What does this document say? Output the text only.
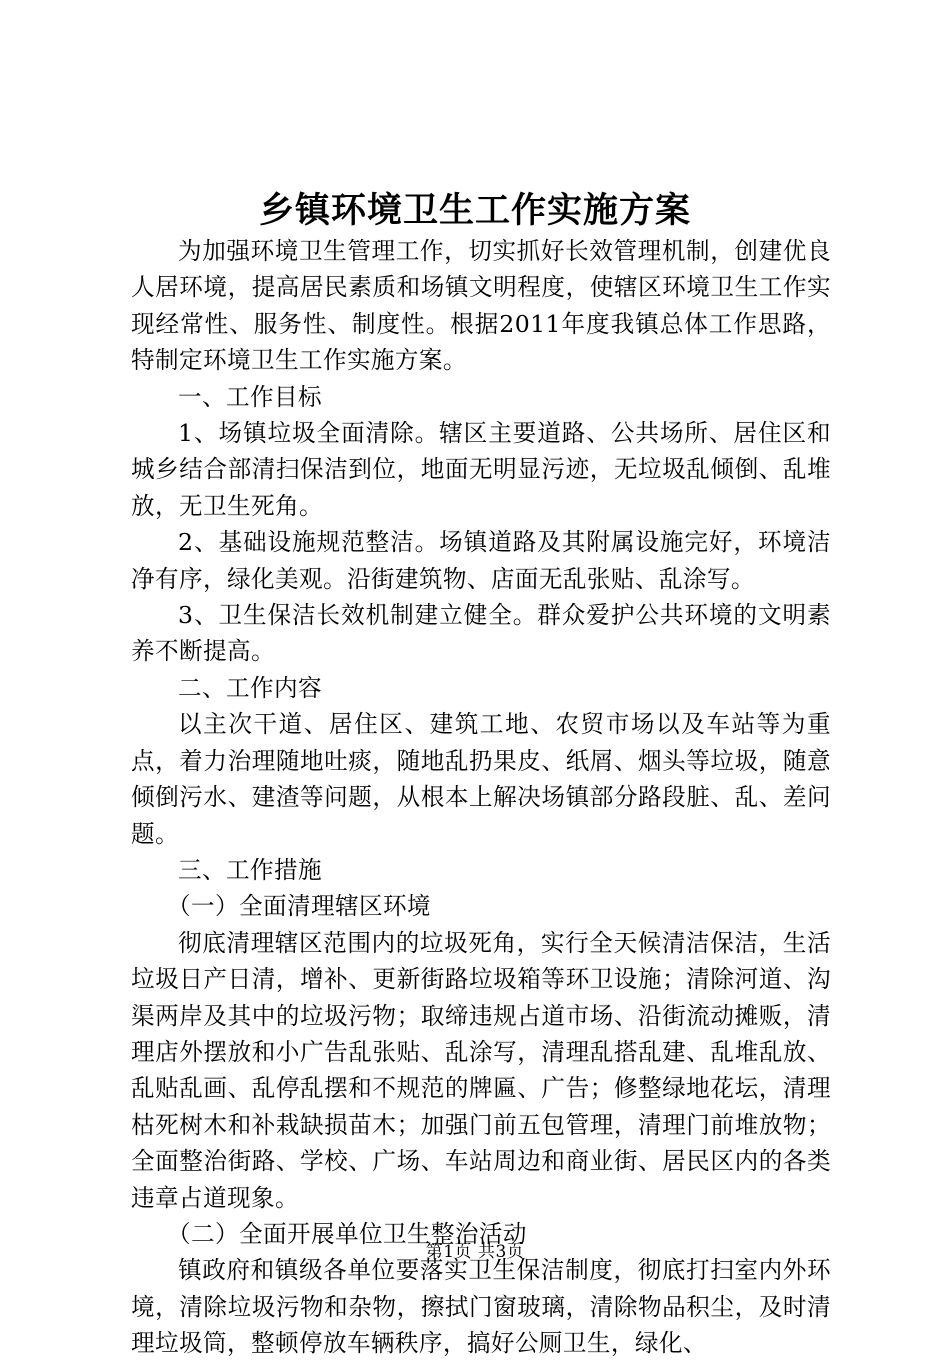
乡镇环境卫生工作实施方案

为加强环境卫生管理工作，切实抓好长效管理机制，创建优良人居环境，提高居民素质和场镇文明程度，使辖区环境卫生工作实现经常性、服务性、制度性。根据2011年度我镇总体工作思路，特制定环境卫生工作实施方案。

一、工作目标

1、场镇垃圾全面清除。辖区主要道路、公共场所、居住区和城乡结合部清扫保洁到位，地面无明显污迹，无垃圾乱倾倒、乱堆放，无卫生死角。

2、基础设施规范整洁。场镇道路及其附属设施完好，环境洁净有序，绿化美观。沿街建筑物、店面无乱张贴、乱涂写。

3、卫生保洁长效机制建立健全。群众爱护公共环境的文明素养不断提高。

二、工作内容

以主次干道、居住区、建筑工地、农贸市场以及车站等为重点，着力治理随地吐痰，随地乱扔果皮、纸屑、烟头等垃圾，随意倾倒污水、建渣等问题，从根本上解决场镇部分路段脏、乱、差问题。

三、工作措施

（一）全面清理辖区环境

彻底清理辖区范围内的垃圾死角，实行全天候清洁保洁，生活垃圾日产日清，增补、更新街路垃圾箱等环卫设施；清除河道、沟渠两岸及其中的垃圾污物；取缔违规占道市场、沿街流动摊贩，清理店外摆放和小广告乱张贴、乱涂写，清理乱搭乱建、乱堆乱放、乱贴乱画、乱停乱摆和不规范的牌匾、广告；修整绿地花坛，清理枯死树木和补栽缺损苗木；加强门前五包管理，清理门前堆放物；全面整治街路、学校、广场、车站周边和商业街、居民区内的各类违章占道现象。

（二）全面开展单位卫生整治活动

镇政府和镇级各单位要落实卫生保洁制度，彻底打扫室内外环境，清除垃圾污物和杂物，擦拭门窗玻璃，清除物品积尘，及时清理垃圾筒，整顿停放车辆秩序，搞好公厕卫生，绿化、

第1页 共3页
